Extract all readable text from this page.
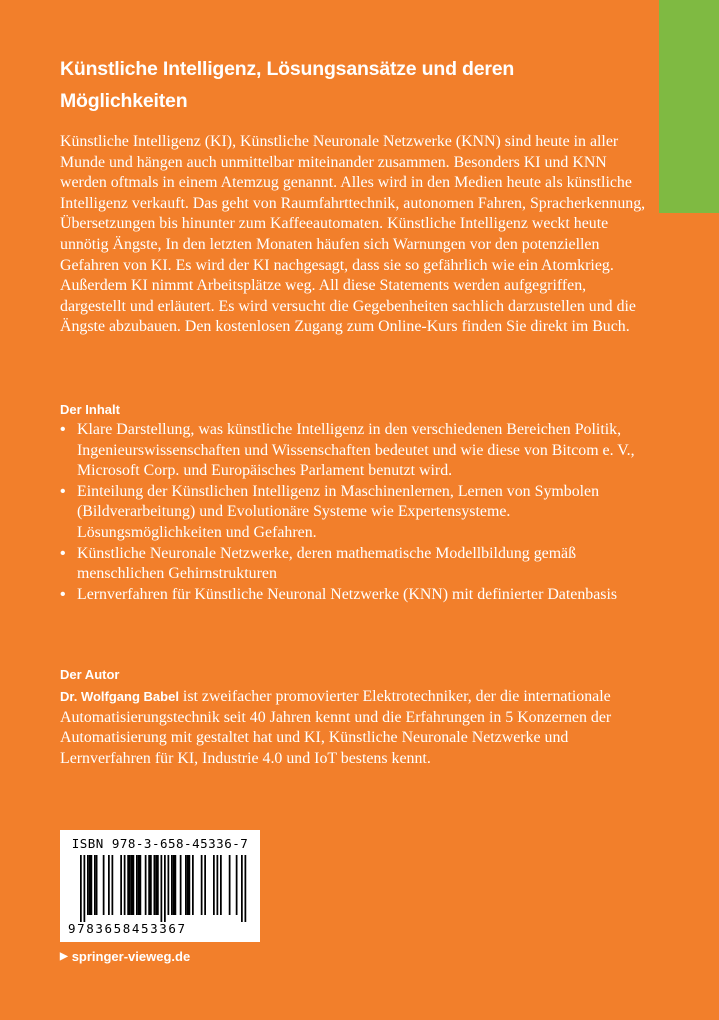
Künstliche Intelligenz, Lösungsansätze und deren Möglichkeiten

Künstliche Intelligenz (KI), Künstliche Neuronale Netzwerke (KNN) sind heute in aller Munde und hängen auch unmittelbar miteinander zusammen. Besonders KI und KNN werden oftmals in einem Atemzug genannt. Alles wird in den Medien heute als künstliche Intelligenz verkauft. Das geht von Raumfahrttechnik, autonomen Fahren, Spracherkennung, Übersetzungen bis hinunter zum Kaffeeautomaten. Künstliche Intelligenz weckt heute unnötig Ängste, In den letzten Monaten häufen sich Warnungen vor den potenziellen Gefahren von KI. Es wird der KI nachgesagt, dass sie so gefährlich wie ein Atomkrieg. Außerdem KI nimmt Arbeitsplätze weg. All diese Statements werden aufgegriffen, dargestellt und erläutert. Es wird versucht die Gegebenheiten sachlich darzustellen und die Ängste abzubauen. Den kostenlosen Zugang zum Online-Kurs finden Sie direkt im Buch.

Der Inhalt
• Klare Darstellung, was künstliche Intelligenz in den verschiedenen Bereichen Politik, Ingenieurswissenschaften und Wissenschaften bedeutet und wie diese von Bitcom e. V., Microsoft Corp. und Europäisches Parlament benutzt wird.
• Einteilung der Künstlichen Intelligenz in Maschinenlernen, Lernen von Symbolen (Bildverarbeitung) und Evolutionäre Systeme wie Expertensysteme. Lösungsmöglichkeiten und Gefahren.
• Künstliche Neuronale Netzwerke, deren mathematische Modellbildung gemäß menschlichen Gehirnstrukturen
• Lernverfahren für Künstliche Neuronal Netzwerke (KNN) mit definierter Datenbasis
Der Autor

Dr. Wolfgang Babel ist zweifacher promovierter Elektrotechniker, der die internationale Automatisierungstechnik seit 40 Jahren kennt und die Erfahrungen in 5 Konzernen der Automatisierung mit gestaltet hat und KI, Künstliche Neuronale Netzwerke und Lernverfahren für KI, Industrie 4.0 und IoT bestens kennt.

ISBN 978-3-658-45336-7
9783658453367
▶ springer-vieweg.de
